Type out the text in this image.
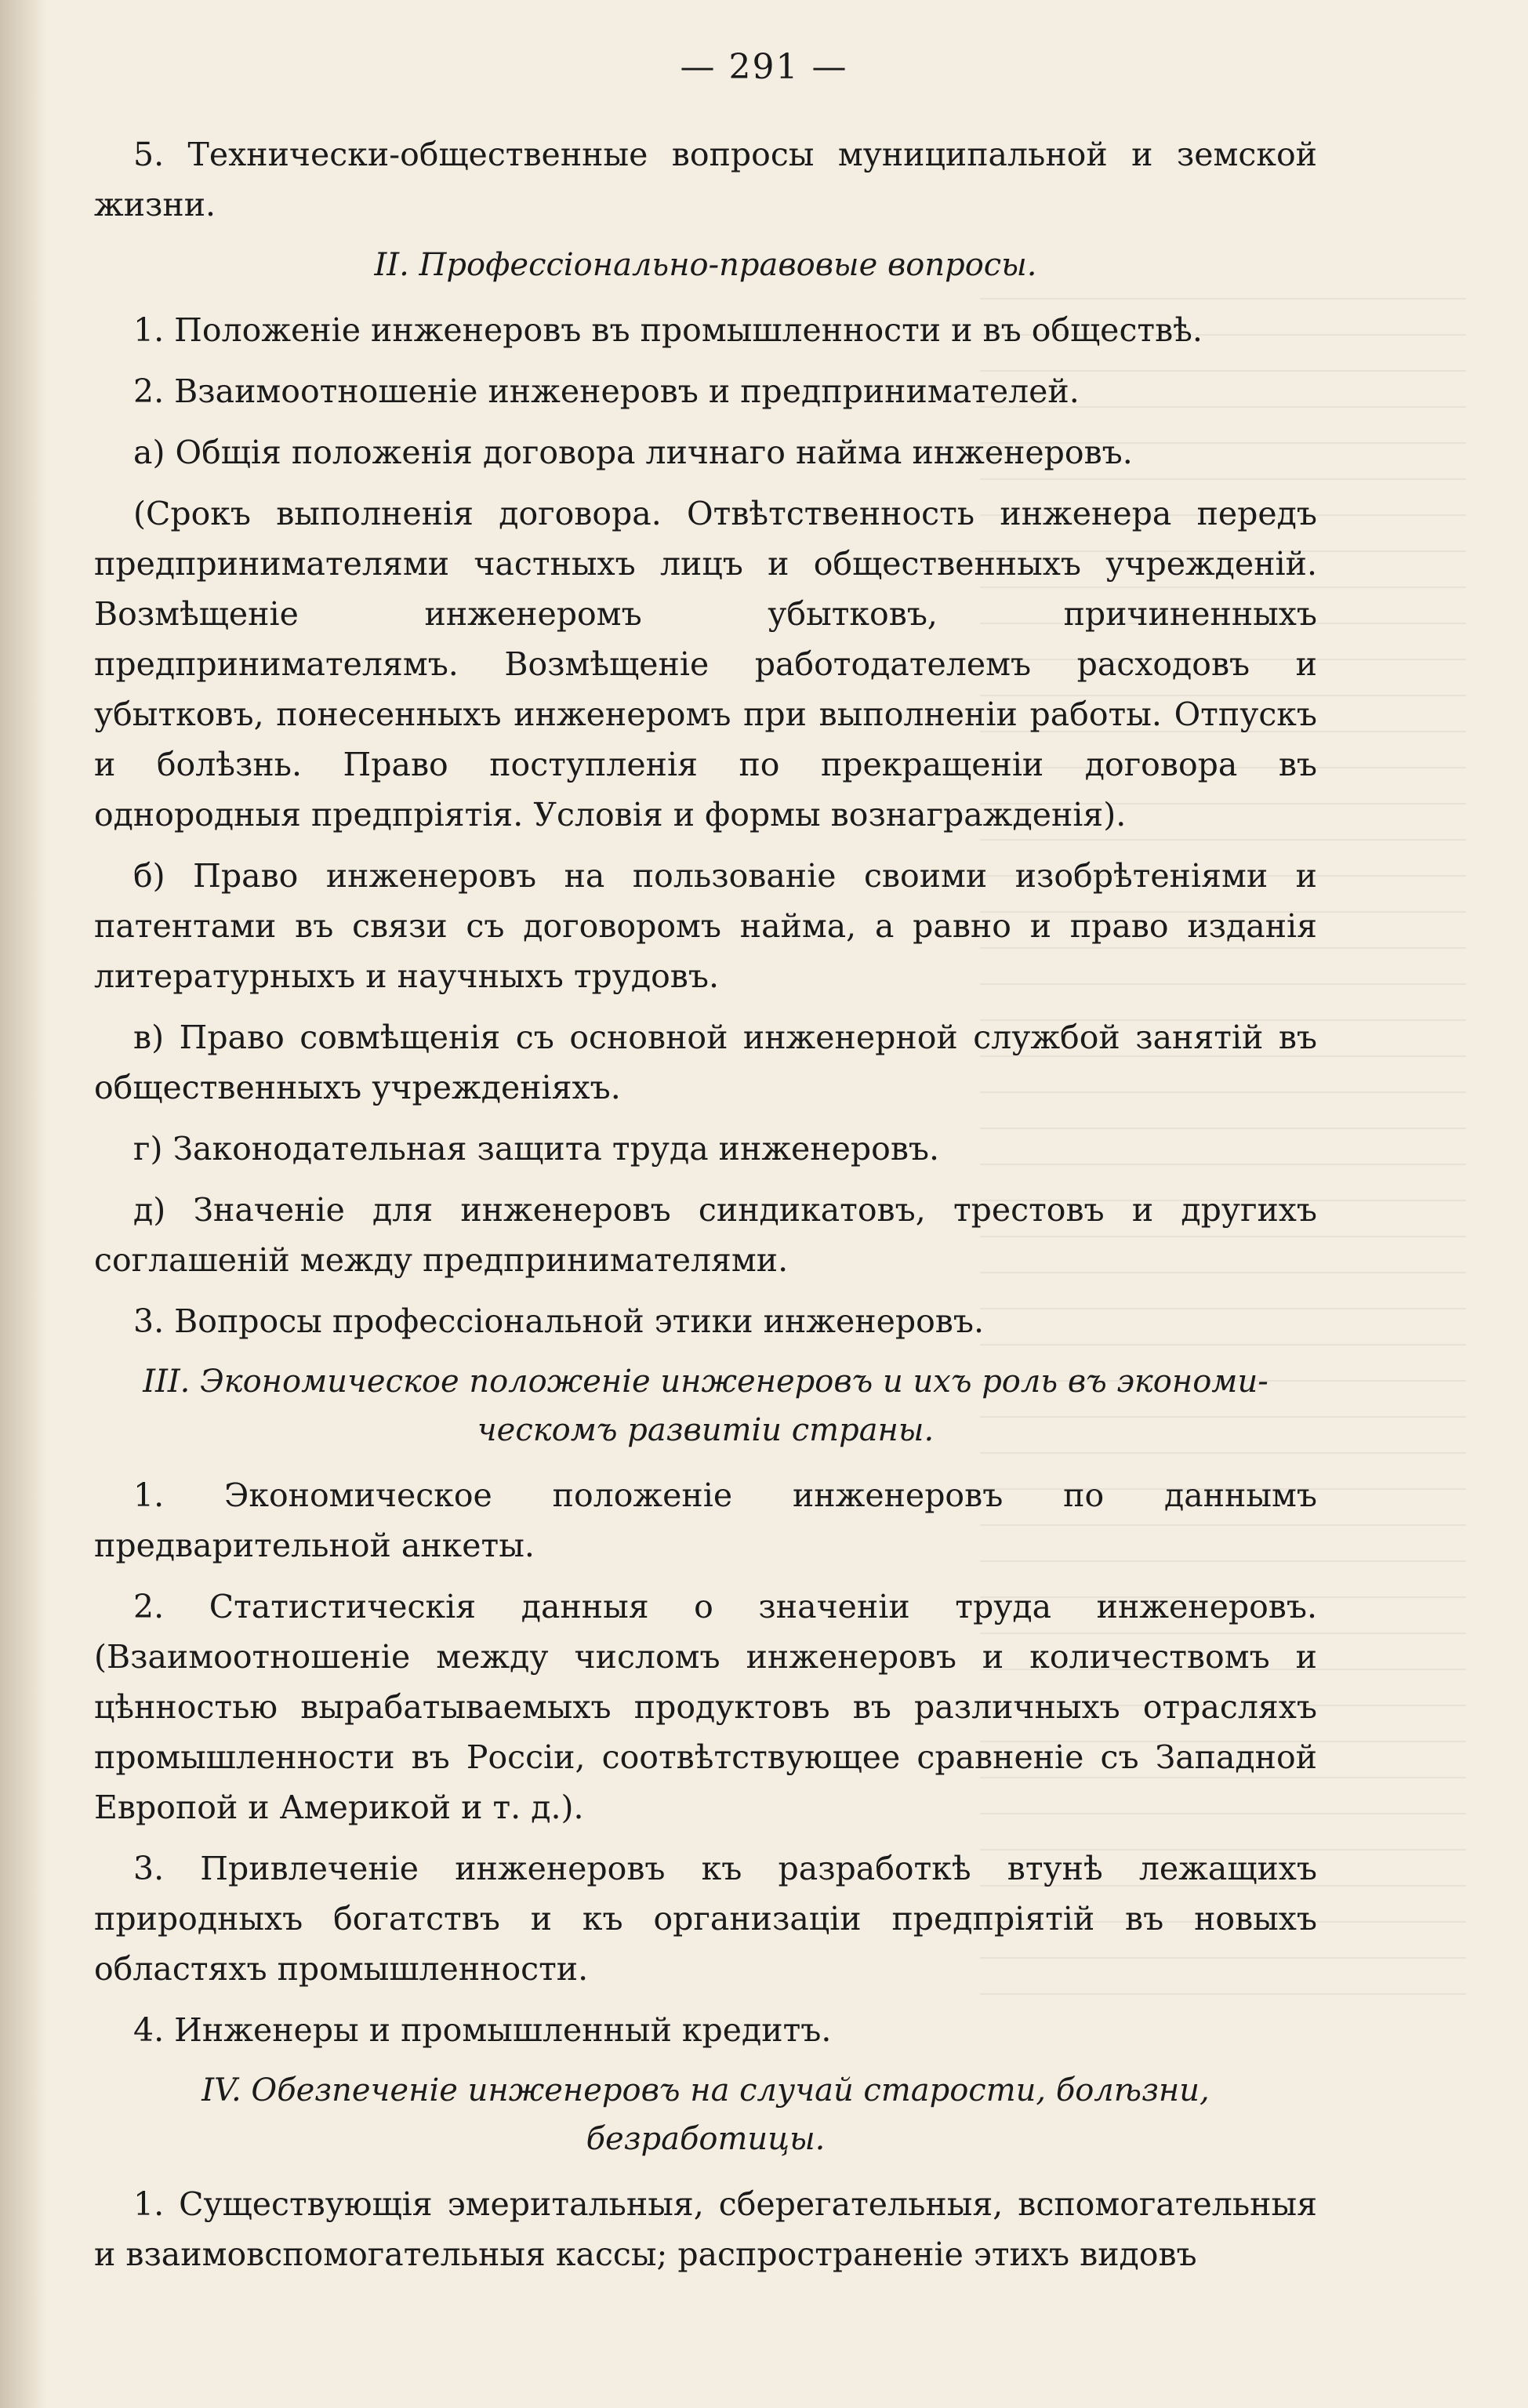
— 291 —

5. Технически-общественные вопросы муниципальной и земской жизни.

II. Профессіонально-правовые вопросы.

1. Положеніе инженеровъ въ промышленности и въ обществѣ.

2. Взаимоотношеніе инженеровъ и предпринимателей.

а) Общія положенія договора личнаго найма инженеровъ.

(Срокъ выполненія договора. Отвѣтственность инженера передъ предпринимателями частныхъ лицъ и общественныхъ учрежденій. Возмѣщеніе инженеромъ убытковъ, причиненныхъ предпринимателямъ. Возмѣщеніе работодателемъ расходовъ и убытковъ, понесенныхъ инженеромъ при выполненіи работы. Отпускъ и болѣзнь. Право поступленія по прекращеніи договора въ однородныя предпріятія. Условія и формы вознагражденія).

б) Право инженеровъ на пользованіе своими изобрѣтеніями и патентами въ связи съ договоромъ найма, а равно и право изданія литературныхъ и научныхъ трудовъ.

в) Право совмѣщенія съ основной инженерной службой занятій въ общественныхъ учрежденіяхъ.

г) Законодательная защита труда инженеровъ.

д) Значеніе для инженеровъ синдикатовъ, трестовъ и другихъ соглашеній между предпринимателями.

3. Вопросы профессіональной этики инженеровъ.

III. Экономическое положеніе инженеровъ и ихъ роль въ экономи-
ческомъ развитіи страны.

1. Экономическое положеніе инженеровъ по даннымъ предварительной анкеты.

2. Статистическія данныя о значеніи труда инженеровъ. (Взаимоотношеніе между числомъ инженеровъ и количествомъ и цѣнностью вырабатываемыхъ продуктовъ въ различныхъ отрасляхъ промышленности въ Россіи, соотвѣтствующее сравненіе съ Западной Европой и Америкой и т. д.).

3. Привлеченіе инженеровъ къ разработкѣ втунѣ лежащихъ природныхъ богатствъ и къ организаціи предпріятій въ новыхъ областяхъ промышленности.

4. Инженеры и промышленный кредитъ.

IV. Обезпеченіе инженеровъ на случай старости, болѣзни, безработицы.

1. Существующія эмеритальныя, сберегательныя, вспомогательныя и взаимовспомогательныя кассы; распространеніе этихъ видовъ
